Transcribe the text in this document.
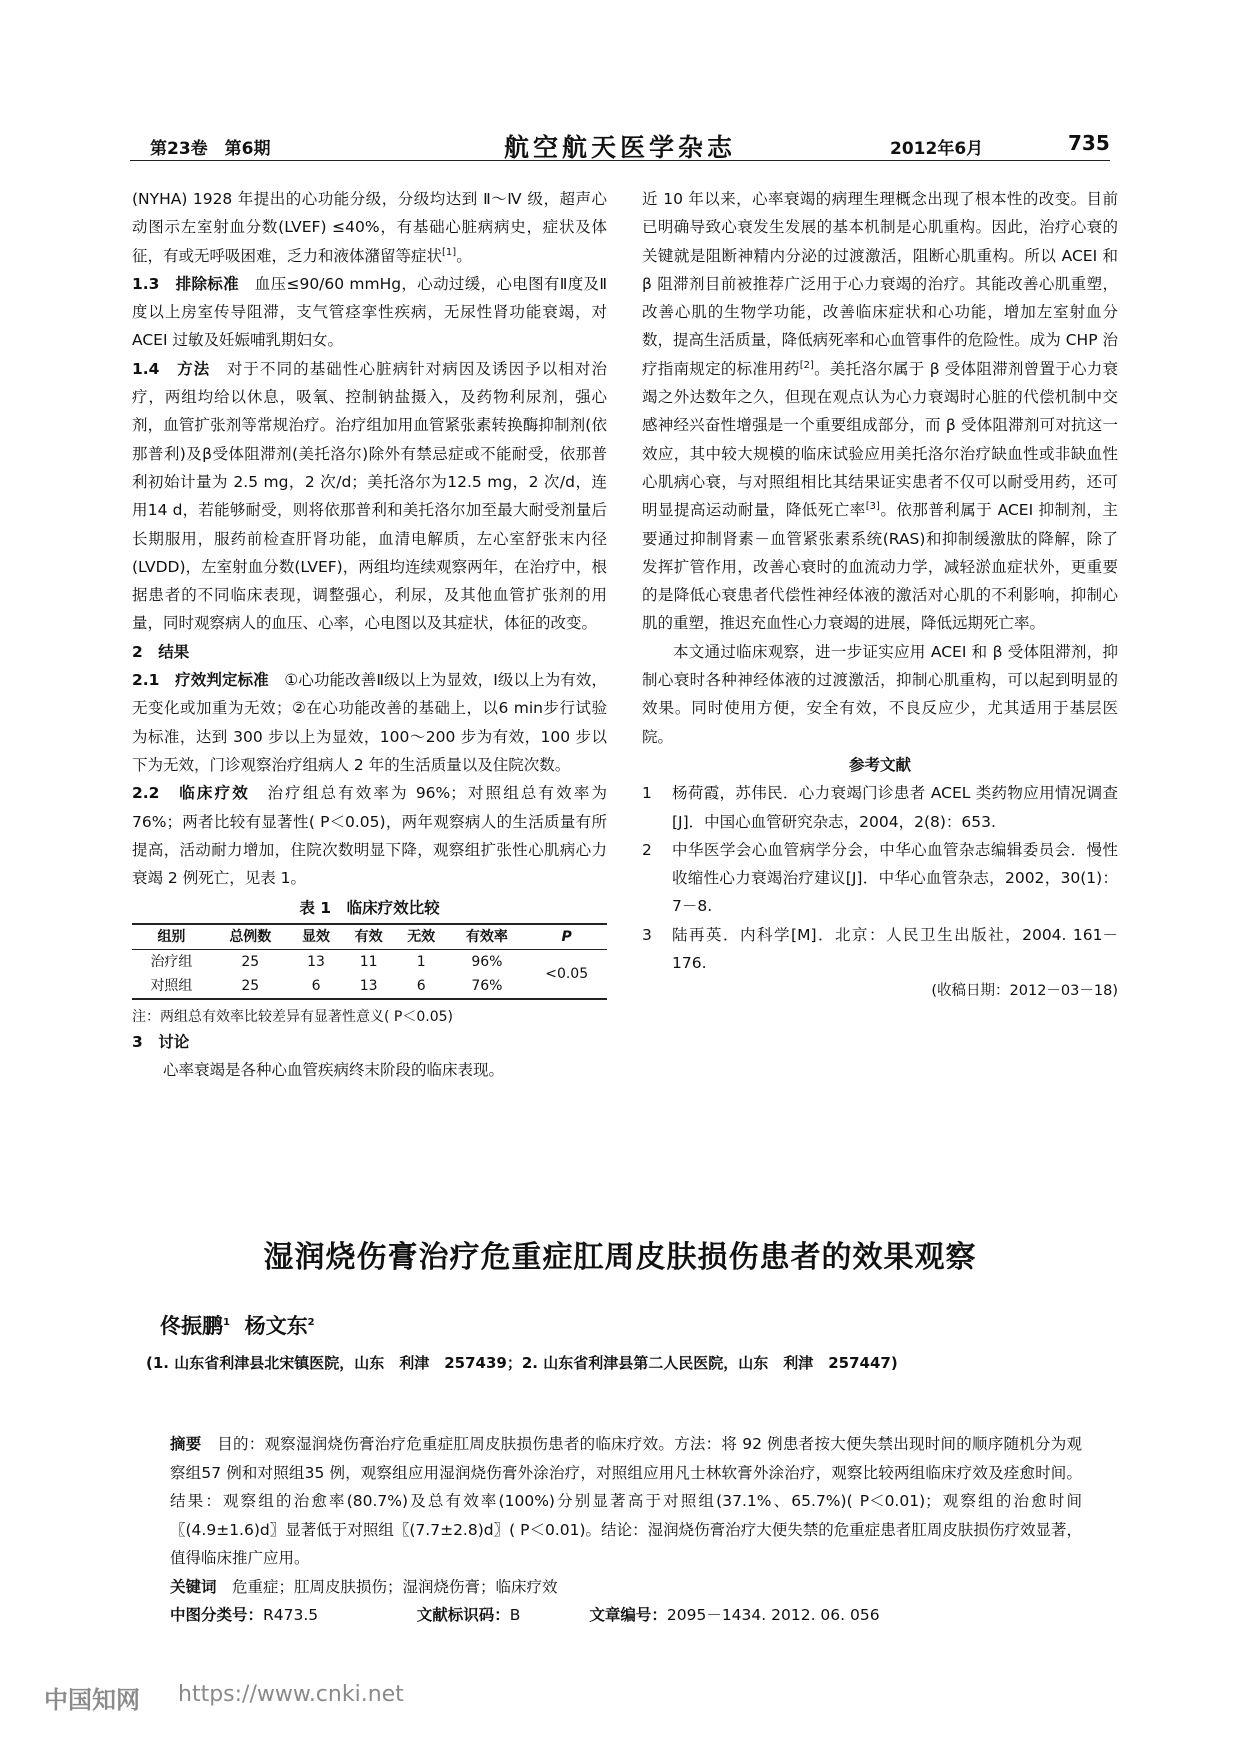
第23卷　第6期	航空航天医学杂志	2012年6月	735

(NYHA) 1928 年提出的心功能分级，分级均达到 Ⅱ～Ⅳ 级，超声心动图示左室射血分数(LVEF) ≤40%，有基础心脏病病史，症状及体征，有或无呼吸困难，乏力和液体潴留等症状[1]。

1.3　排除标准　血压≤90/60 mmHg，心动过缓，心电图有Ⅱ度及Ⅱ度以上房室传导阻滞，支气管痉挛性疾病，无尿性肾功能衰竭，对 ACEI 过敏及妊娠哺乳期妇女。

1.4　方法　对于不同的基础性心脏病针对病因及诱因予以相对治疗，两组均给以休息，吸氧、控制钠盐摄入，及药物利尿剂，强心剂，血管扩张剂等常规治疗。治疗组加用血管紧张素转换酶抑制剂(依那普利)及β受体阻滞剂(美托洛尔)除外有禁忌症或不能耐受，依那普利初始计量为 2.5 mg，2 次/d；美托洛尔为12.5 mg，2 次/d，连用14 d，若能够耐受，则将依那普利和美托洛尔加至最大耐受剂量后长期服用，服药前检查肝肾功能，血清电解质，左心室舒张末内径(LVDD)，左室射血分数(LVEF)，两组均连续观察两年，在治疗中，根据患者的不同临床表现，调整强心，利尿，及其他血管扩张剂的用量，同时观察病人的血压、心率，心电图以及其症状，体征的改变。

2　结果

2.1　疗效判定标准　①心功能改善Ⅱ级以上为显效，Ⅰ级以上为有效，无变化或加重为无效；②在心功能改善的基础上，以6 min步行试验为标准，达到 300 步以上为显效，100～200 步为有效，100 步以下为无效，门诊观察治疗组病人 2 年的生活质量以及住院次数。

2.2　临床疗效　治疗组总有效率为 96%；对照组总有效率为 76%；两者比较有显著性( P＜0.05)，两年观察病人的生活质量有所提高，活动耐力增加，住院次数明显下降，观察组扩张性心肌病心力衰竭 2 例死亡，见表 1。

表 1　临床疗效比较
组别	总例数	显效	有效	无效	有效率	P
治疗组	25	13	11	1	96%	<0.05
对照组	25	6	13	6	76%	
注：两组总有效率比较差异有显著性意义( P＜0.05)

3　讨论

心率衰竭是各种心血管疾病终末阶段的临床表现。

近 10 年以来，心率衰竭的病理生理概念出现了根本性的改变。目前已明确导致心衰发生发展的基本机制是心肌重构。因此，治疗心衰的关键就是阻断神精内分泌的过渡激活，阻断心肌重构。所以 ACEI 和 β 阻滞剂目前被推荐广泛用于心力衰竭的治疗。其能改善心肌重塑，改善心肌的生物学功能，改善临床症状和心功能，增加左室射血分数，提高生活质量，降低病死率和心血管事件的危险性。成为 CHP 治疗指南规定的标准用药[2]。美托洛尔属于 β 受体阻滞剂曾置于心力衰竭之外达数年之久，但现在观点认为心力衰竭时心脏的代偿机制中交感神经兴奋性增强是一个重要组成部分，而 β 受体阻滞剂可对抗这一效应，其中较大规模的临床试验应用美托洛尔治疗缺血性或非缺血性心肌病心衰，与对照组相比其结果证实患者不仅可以耐受用药，还可明显提高运动耐量，降低死亡率[3]。依那普利属于 ACEI 抑制剂，主要通过抑制肾素－血管紧张素系统(RAS)和抑制缓激肽的降解，除了发挥扩管作用，改善心衰时的血流动力学，减轻淤血症状外，更重要的是降低心衰患者代偿性神经体液的激活对心肌的不利影响，抑制心肌的重塑，推迟充血性心力衰竭的进展，降低远期死亡率。

本文通过临床观察，进一步证实应用 ACEI 和 β 受体阻滞剂，抑制心衰时各种神经体液的过渡激活，抑制心肌重构，可以起到明显的效果。同时使用方便，安全有效，不良反应少，尤其适用于基层医院。

参考文献
1	杨荷霞，苏伟民．心力衰竭门诊患者 ACEL 类药物应用情况调查[J]．中国心血管研究杂志，2004，2(8)：653.
2	中华医学会心血管病学分会，中华心血管杂志编辑委员会．慢性收缩性心力衰竭治疗建议[J]．中华心血管杂志，2002，30(1)：7－8.
3	陆再英．内科学[M]．北京：人民卫生出版社，2004. 161－176.
(收稿日期：2012－03－18)
湿润烧伤膏治疗危重症肛周皮肤损伤患者的效果观察
佟振鹏$^1$ 杨文东$^2$
(1. 山东省利津县北宋镇医院，山东　利津　257439；2. 山东省利津县第二人民医院，山东　利津　257447)

摘要　目的：观察湿润烧伤膏治疗危重症肛周皮肤损伤患者的临床疗效。方法：将 92 例患者按大便失禁出现时间的顺序随机分为观察组57 例和对照组35 例，观察组应用湿润烧伤膏外涂治疗，对照组应用凡士林软膏外涂治疗，观察比较两组临床疗效及痊愈时间。结果：观察组的治愈率(80.7%)及总有效率(100%)分别显著高于对照组(37.1%、65.7%)( P＜0.01)；观察组的治愈时间〖(4.9±1.6)d〗显著低于对照组〖(7.7±2.8)d〗( P＜0.01)。结论：湿润烧伤膏治疗大便失禁的危重症患者肛周皮肤损伤疗效显著，值得临床推广应用。

关键词　危重症；肛周皮肤损伤；湿润烧伤膏；临床疗效

中图分类号：R473.5	文献标识码：B	文章编号：2095－1434. 2012. 06. 056

中国知网 https://www.cnki.net
